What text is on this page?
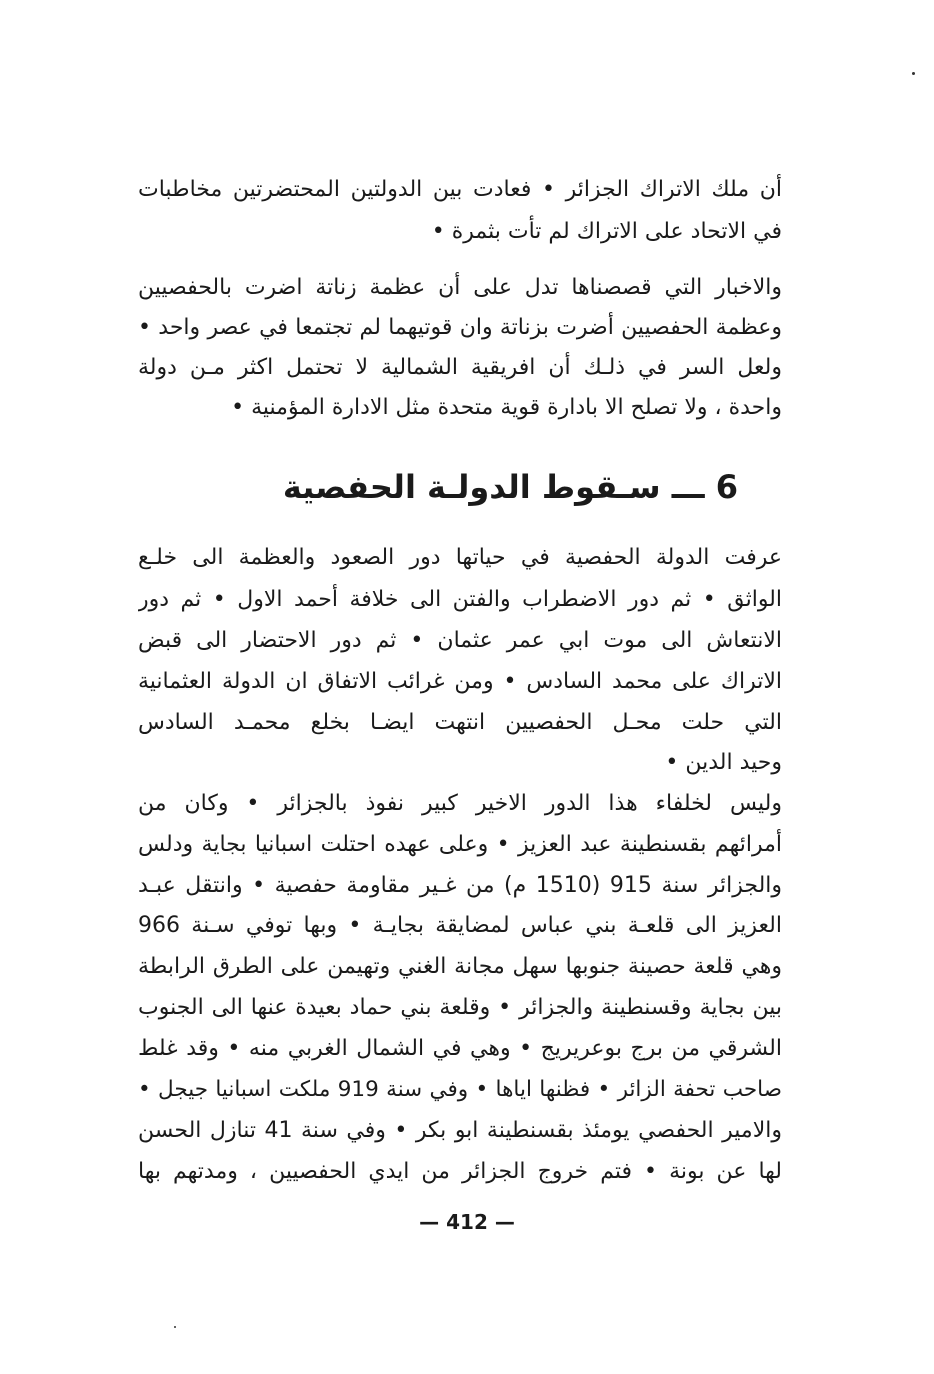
أن ملك الاتراك الجزائر • فعادت بين الدولتين المحتضرتين مخاطبات
في الاتحاد على الاتراك لم تأت بثمرة •
والاخبار التي قصصناها تدل على أن عظمة زناتة اضرت بالحفصيين
وعظمة الحفصيين أضرت بزناتة وان قوتيهما لم تجتمعا في عصر واحد •
ولعل السر في ذلـك أن افريقية الشمالية لا تحتمل اكثر مـن دولة
واحدة ، ولا تصلح الا بادارة قوية متحدة مثل الادارة المؤمنية •
6 ـــ سـقوط الدولـة الحفصية
عرفت الدولة الحفصية في حياتها دور الصعود والعظمة الى خلـع
الواثق • ثم دور الاضطراب والفتن الى خلافة أحمد الاول • ثم دور
الانتعاش الى موت ابي عمر عثمان • ثم دور الاحتضار الى قبض
الاتراك على محمد السادس • ومن غرائب الاتفاق ان الدولة العثمانية
التي حلت محـل الحفصيين انتهت ايضـا بخلع محمـد السادس
وحيد الدين •
وليس لخلفاء هذا الدور الاخير كبير نفوذ بالجزائر • وكان من
أمرائهم بقسنطينة عبد العزيز • وعلى عهده احتلت اسبانيا بجاية ودلس
والجزائر سنة 915 (1510 م) من غـير مقاومة حفصية • وانتقل عبـد
العزيز الى قلعـة بني عباس لمضايقة بجايـة • وبها توفي سـنة 966
وهي قلعة حصينة جنوبها سهل مجانة الغني وتهيمن على الطرق الرابطة
بين بجاية وقسنطينة والجزائر • وقلعة بني حماد بعيدة عنها الى الجنوب
الشرقي من برج بوعريريج • وهي في الشمال الغربي منه • وقد غلط
صاحب تحفة الزائر • فظنها اياها • وفي سنة 919 ملكت اسبانيا جيجل •
والامير الحفصي يومئذ بقسنطينة ابو بكر • وفي سنة 41 تنازل الحسن
لها عن بونة • فتم خروج الجزائر من ايدي الحفصيين ، ومدتهم بها
— 412 —
